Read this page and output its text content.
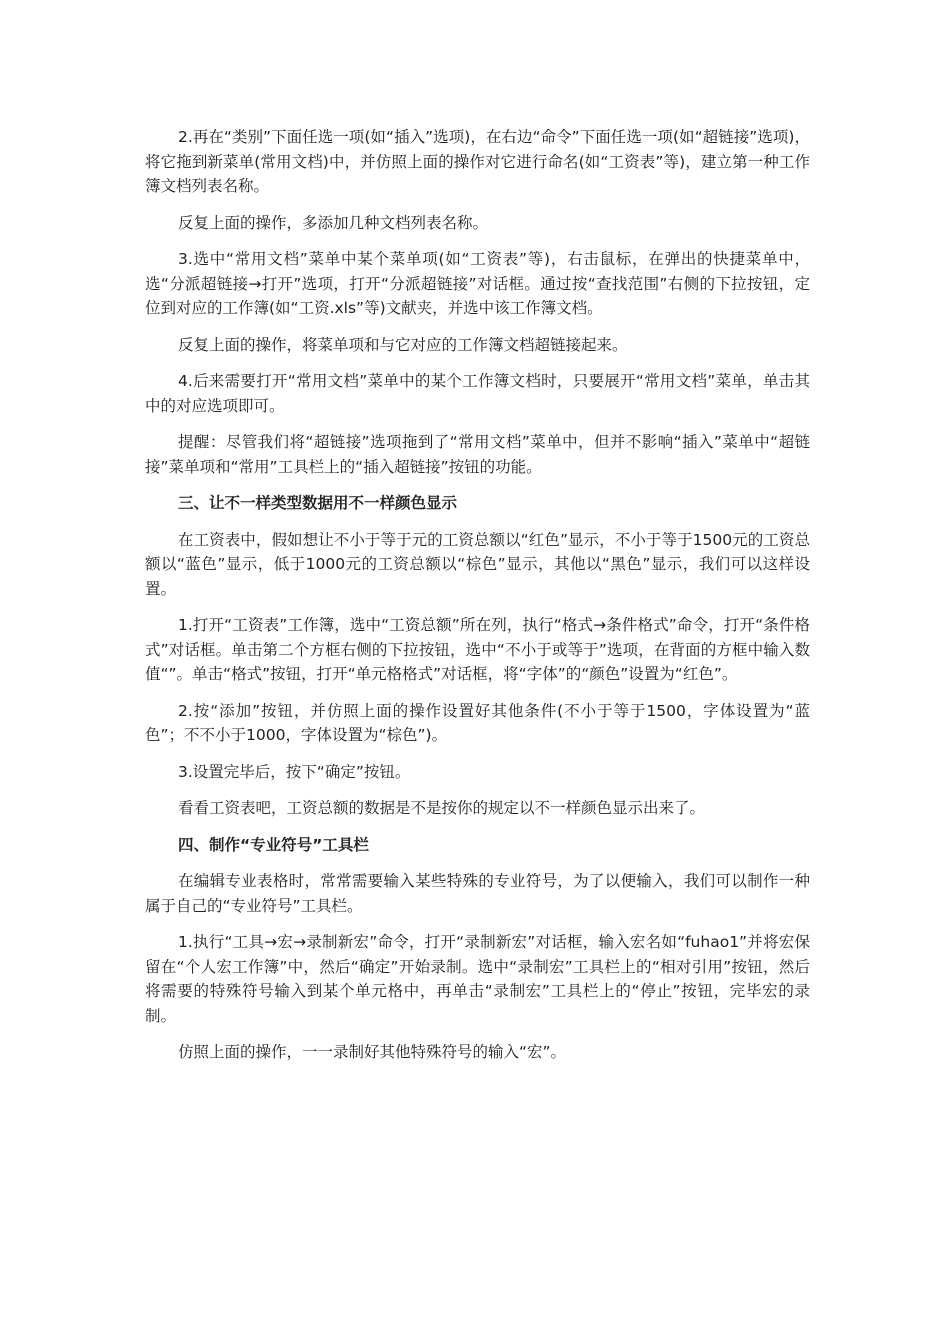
2.再在“类别”下面任选一项(如“插入”选项)，在右边“命令”下面任选一项(如“超链接”选项)，将它拖到新菜单(常用文档)中，并仿照上面的操作对它进行命名(如“工资表”等)，建立第一种工作簿文档列表名称。

反复上面的操作，多添加几种文档列表名称。

3.选中“常用文档”菜单中某个菜单项(如“工资表”等)，右击鼠标，在弹出的快捷菜单中，选“分派超链接→打开”选项，打开“分派超链接”对话框。通过按“查找范围”右侧的下拉按钮，定位到对应的工作簿(如“工资.xls”等)文献夹，并选中该工作簿文档。

反复上面的操作，将菜单项和与它对应的工作簿文档超链接起来。

4.后来需要打开“常用文档”菜单中的某个工作簿文档时，只要展开“常用文档”菜单，单击其中的对应选项即可。

提醒：尽管我们将“超链接”选项拖到了“常用文档”菜单中，但并不影响“插入”菜单中“超链接”菜单项和“常用”工具栏上的“插入超链接”按钮的功能。

三、让不一样类型数据用不一样颜色显示

在工资表中，假如想让不小于等于元的工资总额以“红色”显示，不小于等于1500元的工资总额以“蓝色”显示，低于1000元的工资总额以“棕色”显示，其他以“黑色”显示，我们可以这样设置。

1.打开“工资表”工作簿，选中“工资总额”所在列，执行“格式→条件格式”命令，打开“条件格式”对话框。单击第二个方框右侧的下拉按钮，选中“不小于或等于”选项，在背面的方框中输入数值“”。单击“格式”按钮，打开“单元格格式”对话框，将“字体”的“颜色”设置为“红色”。

2.按“添加”按钮，并仿照上面的操作设置好其他条件(不小于等于1500，字体设置为“蓝色”；不不小于1000，字体设置为“棕色”)。

3.设置完毕后，按下“确定”按钮。

看看工资表吧，工资总额的数据是不是按你的规定以不一样颜色显示出来了。

四、制作“专业符号”工具栏

在编辑专业表格时，常常需要输入某些特殊的专业符号，为了以便输入，我们可以制作一种属于自己的“专业符号”工具栏。

1.执行“工具→宏→录制新宏”命令，打开“录制新宏”对话框，输入宏名如“fuhao1”并将宏保留在“个人宏工作簿”中，然后“确定”开始录制。选中“录制宏”工具栏上的“相对引用”按钮，然后将需要的特殊符号输入到某个单元格中，再单击“录制宏”工具栏上的“停止”按钮，完毕宏的录制。

仿照上面的操作，一一录制好其他特殊符号的输入“宏”。
